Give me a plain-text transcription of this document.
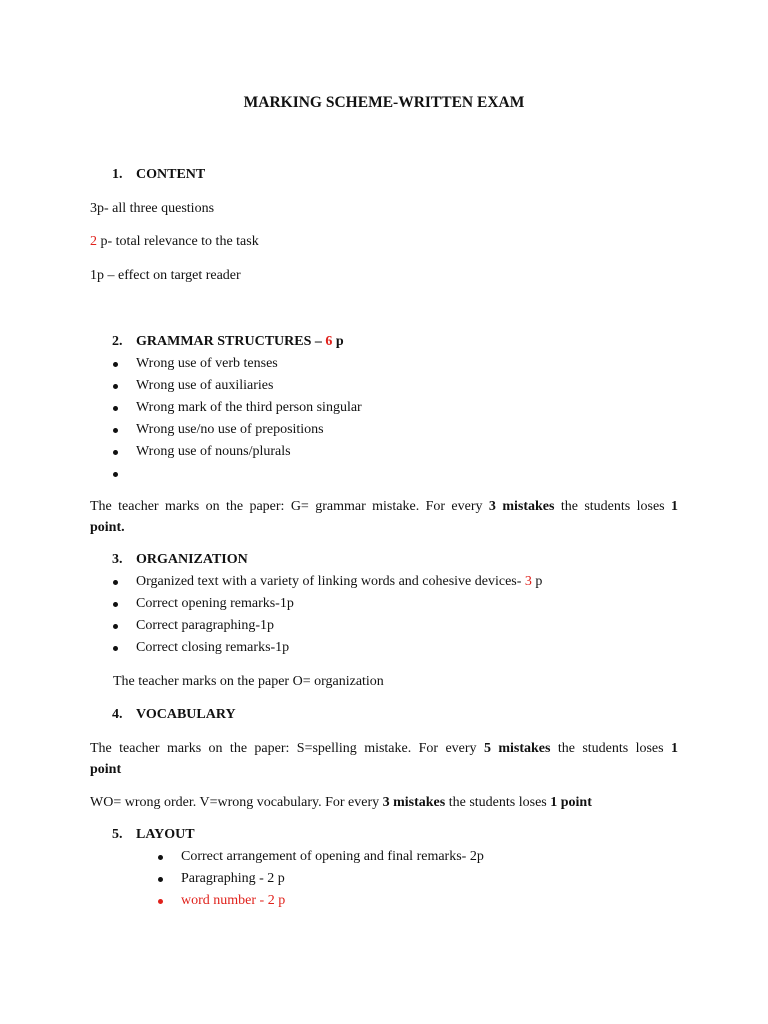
MARKING SCHEME-WRITTEN EXAM
1. CONTENT
3p- all three questions
2 p- total relevance to the task
1p – effect on target reader
2. GRAMMAR STRUCTURES – 6 p
Wrong use of verb tenses
Wrong use of auxiliaries
Wrong mark of the third person singular
Wrong use/no use of prepositions
Wrong use of nouns/plurals
The teacher marks on the paper: G= grammar mistake. For every 3 mistakes the students loses 1
point.
3. ORGANIZATION
Organized text with a variety of linking words and cohesive devices- 3 p
Correct opening remarks-1p
Correct paragraphing-1p
Correct closing remarks-1p
The teacher marks on the paper O= organization
4. VOCABULARY
The teacher marks on the paper: S=spelling mistake. For every 5 mistakes the students loses 1
point
WO= wrong order. V=wrong vocabulary. For every 3 mistakes the students loses 1 point
5. LAYOUT
Correct arrangement of opening and final remarks- 2p
Paragraphing - 2 p
word number - 2 p
